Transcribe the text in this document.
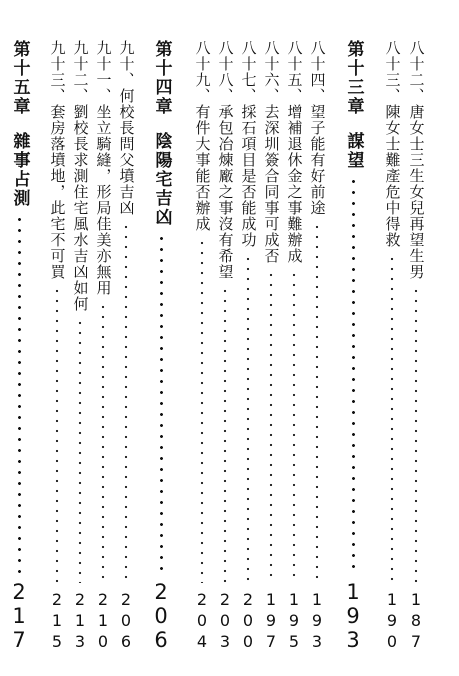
八十二、唐女士三生女兒再望生男
1
8
7
八十三、陳女士難產危中得救
1
9
0
第十三章
謀望
1
9
3
八十四、望子能有好前途
1
9
3
八十五、增補退休金之事難辦成
1
9
5
八十六、去深圳簽合同事可成否
1
9
7
八十七、採石項目是否能成功
2
0
0
八十八、承包冶煉廠之事沒有希望
2
0
3
八十九、有件大事能否辦成
2
0
4
第十四章
陰陽宅吉凶
2
0
6
九十、何校長問父墳吉凶
2
0
6
九十一、坐立騎縫，形局佳美亦無用
2
1
0
九十二、劉校長求測住宅風水吉凶如何
2
1
3
九十三、套房落墳地，此宅不可買
2
1
5
第十五章
雜事占測
2
1
7
